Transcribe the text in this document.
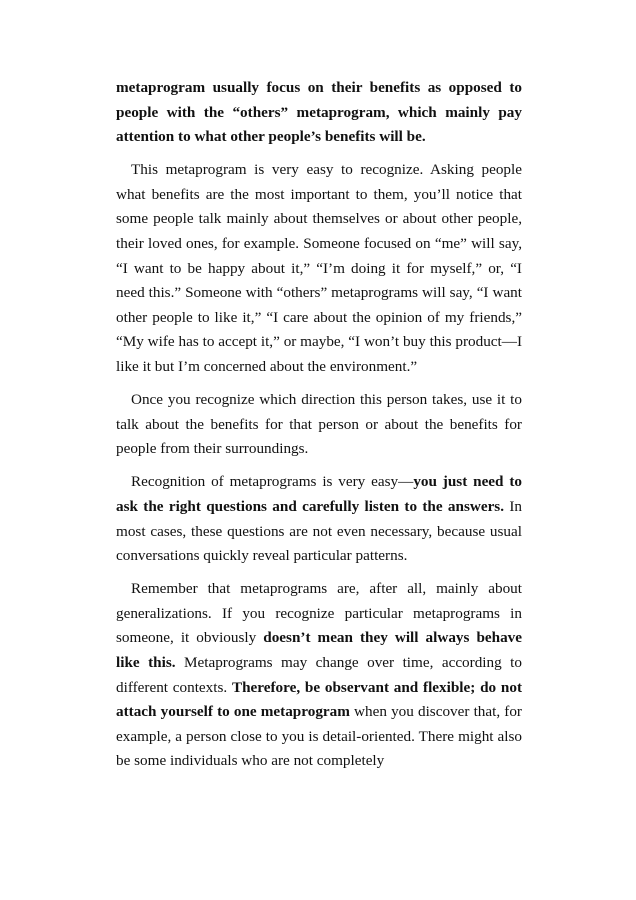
metaprogram usually focus on their benefits as opposed to people with the “others” metaprogram, which mainly pay attention to what other people’s benefits will be.

This metaprogram is very easy to recognize. Asking people what benefits are the most important to them, you’ll notice that some people talk mainly about themselves or about other people, their loved ones, for example. Someone focused on “me” will say, “I want to be happy about it,” “I’m doing it for myself,” or, “I need this.” Someone with “others” metaprograms will say, “I want other people to like it,” “I care about the opinion of my friends,” “My wife has to accept it,” or maybe, “I won’t buy this product—I like it but I’m concerned about the environment.”

Once you recognize which direction this person takes, use it to talk about the benefits for that person or about the benefits for people from their surroundings.

Recognition of metaprograms is very easy—you just need to ask the right questions and carefully listen to the answers. In most cases, these questions are not even necessary, because usual conversations quickly reveal particular patterns.

Remember that metaprograms are, after all, mainly about generalizations. If you recognize particular metaprograms in someone, it obviously doesn’t mean they will always behave like this. Metaprograms may change over time, according to different contexts. Therefore, be observant and flexible; do not attach yourself to one metaprogram when you discover that, for example, a person close to you is detail-oriented. There might also be some individuals who are not completely
